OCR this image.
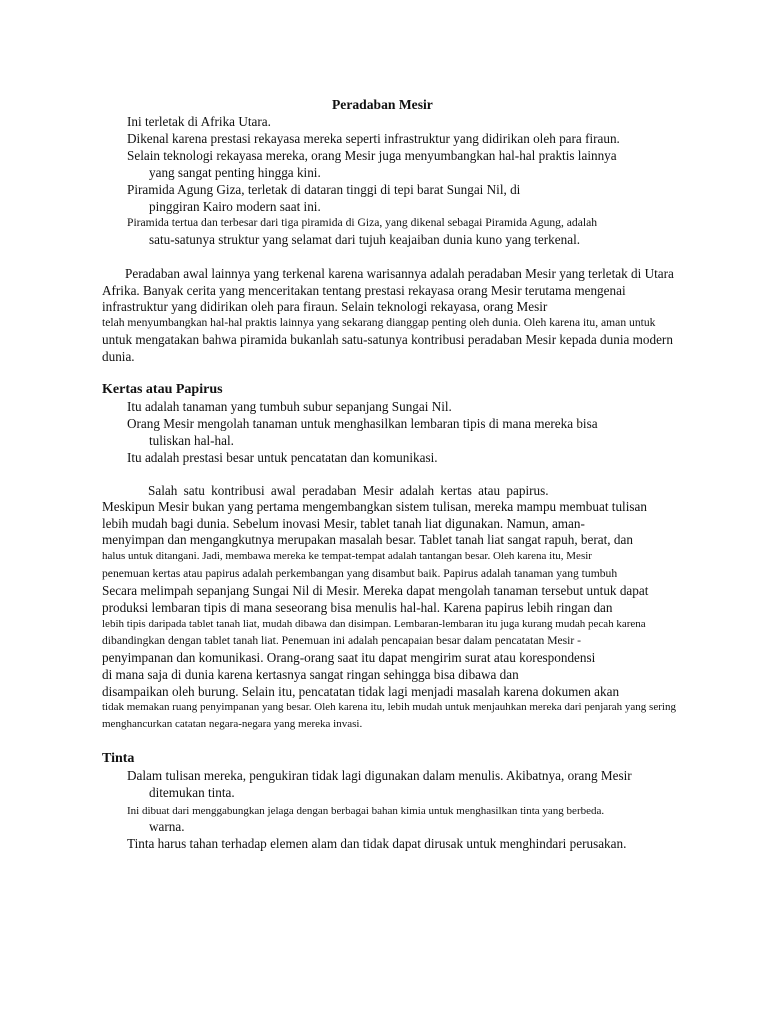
Peradaban Mesir
Ini terletak di Afrika Utara.
Dikenal karena prestasi rekayasa mereka seperti infrastruktur yang didirikan oleh para firaun.
Selain teknologi rekayasa mereka, orang Mesir juga menyumbangkan hal-hal praktis lainnya
yang sangat penting hingga kini.
Piramida Agung Giza, terletak di dataran tinggi di tepi barat Sungai Nil, di
pinggiran Kairo modern saat ini.
Piramida tertua dan terbesar dari tiga piramida di Giza, yang dikenal sebagai Piramida Agung, adalah
satu-satunya struktur yang selamat dari tujuh keajaiban dunia kuno yang terkenal.
Peradaban awal lainnya yang terkenal karena warisannya adalah peradaban Mesir yang terletak di Utara
Afrika. Banyak cerita yang menceritakan tentang prestasi rekayasa orang Mesir terutama mengenai
infrastruktur yang didirikan oleh para firaun. Selain teknologi rekayasa, orang Mesir
telah menyumbangkan hal-hal praktis lainnya yang sekarang dianggap penting oleh dunia. Oleh karena itu, aman untuk
untuk mengatakan bahwa piramida bukanlah satu-satunya kontribusi peradaban Mesir kepada dunia modern
dunia.
Kertas atau Papirus
Itu adalah tanaman yang tumbuh subur sepanjang Sungai Nil.
Orang Mesir mengolah tanaman untuk menghasilkan lembaran tipis di mana mereka bisa
tuliskan hal-hal.
Itu adalah prestasi besar untuk pencatatan dan komunikasi.
Salah satu kontribusi awal peradaban Mesir adalah kertas atau papirus.
Meskipun Mesir bukan yang pertama mengembangkan sistem tulisan, mereka mampu membuat tulisan
lebih mudah bagi dunia. Sebelum inovasi Mesir, tablet tanah liat digunakan. Namun, aman-
menyimpan dan mengangkutnya merupakan masalah besar. Tablet tanah liat sangat rapuh, berat, dan
halus untuk ditangani. Jadi, membawa mereka ke tempat-tempat adalah tantangan besar. Oleh karena itu, Mesir
penemuan kertas atau papirus adalah perkembangan yang disambut baik. Papirus adalah tanaman yang tumbuh
Secara melimpah sepanjang Sungai Nil di Mesir. Mereka dapat mengolah tanaman tersebut untuk dapat
produksi lembaran tipis di mana seseorang bisa menulis hal-hal. Karena papirus lebih ringan dan
lebih tipis daripada tablet tanah liat, mudah dibawa dan disimpan. Lembaran-lembaran itu juga kurang mudah pecah karena
dibandingkan dengan tablet tanah liat. Penemuan ini adalah pencapaian besar dalam pencatatan Mesir -
penyimpanan dan komunikasi. Orang-orang saat itu dapat mengirim surat atau korespondensi
di mana saja di dunia karena kertasnya sangat ringan sehingga bisa dibawa dan
disampaikan oleh burung. Selain itu, pencatatan tidak lagi menjadi masalah karena dokumen akan
tidak memakan ruang penyimpanan yang besar. Oleh karena itu, lebih mudah untuk menjauhkan mereka dari penjarah yang sering
menghancurkan catatan negara-negara yang mereka invasi.
Tinta
Dalam tulisan mereka, pengukiran tidak lagi digunakan dalam menulis. Akibatnya, orang Mesir
ditemukan tinta.
Ini dibuat dari menggabungkan jelaga dengan berbagai bahan kimia untuk menghasilkan tinta yang berbeda.
warna.
Tinta harus tahan terhadap elemen alam dan tidak dapat dirusak untuk menghindari perusakan.
